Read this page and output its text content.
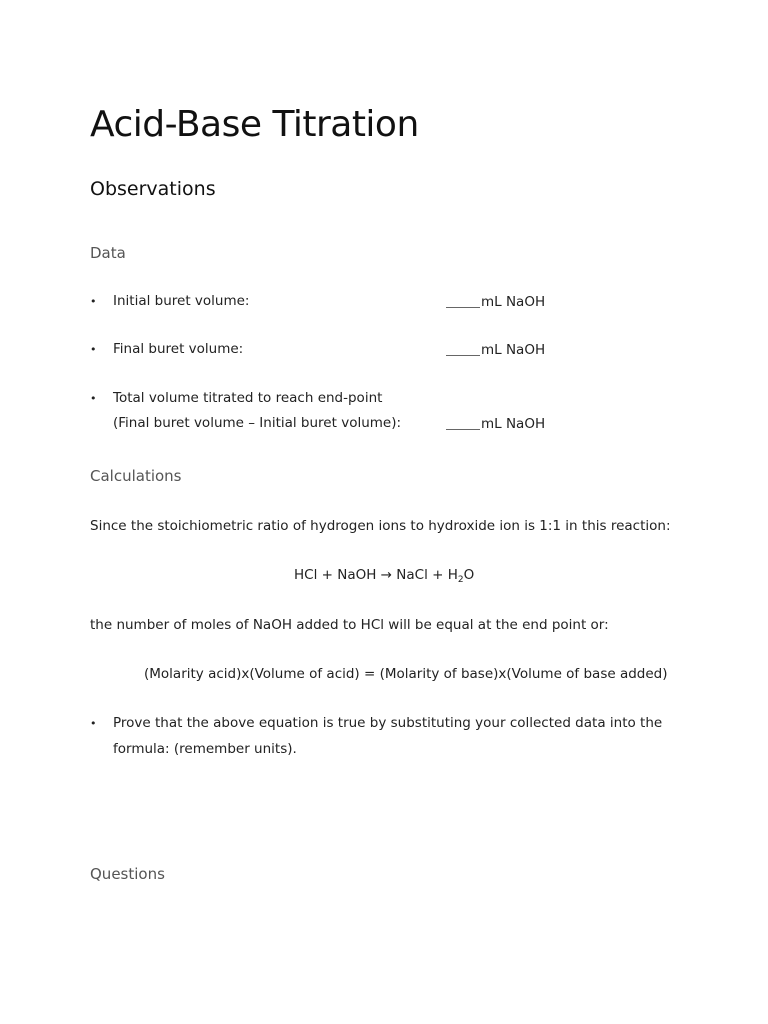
Acid-Base Titration
Observations
Data
• Initial buret volume:	mL NaOH
• Final buret volume:	mL NaOH
• Total volume titrated to reach end-point
(Final buret volume – Initial buret volume):	mL NaOH
Calculations
Since the stoichiometric ratio of hydrogen ions to hydroxide ion is 1:1 in this reaction:
HCl + NaOH → NaCl + $H_2O$
the number of moles of NaOH added to HCl will be equal at the end point or:
(Molarity acid)x(Volume of acid) = (Molarity of base)x(Volume of base added)
• Prove that the above equation is true by substituting your collected data into the
formula: (remember units).
Questions
